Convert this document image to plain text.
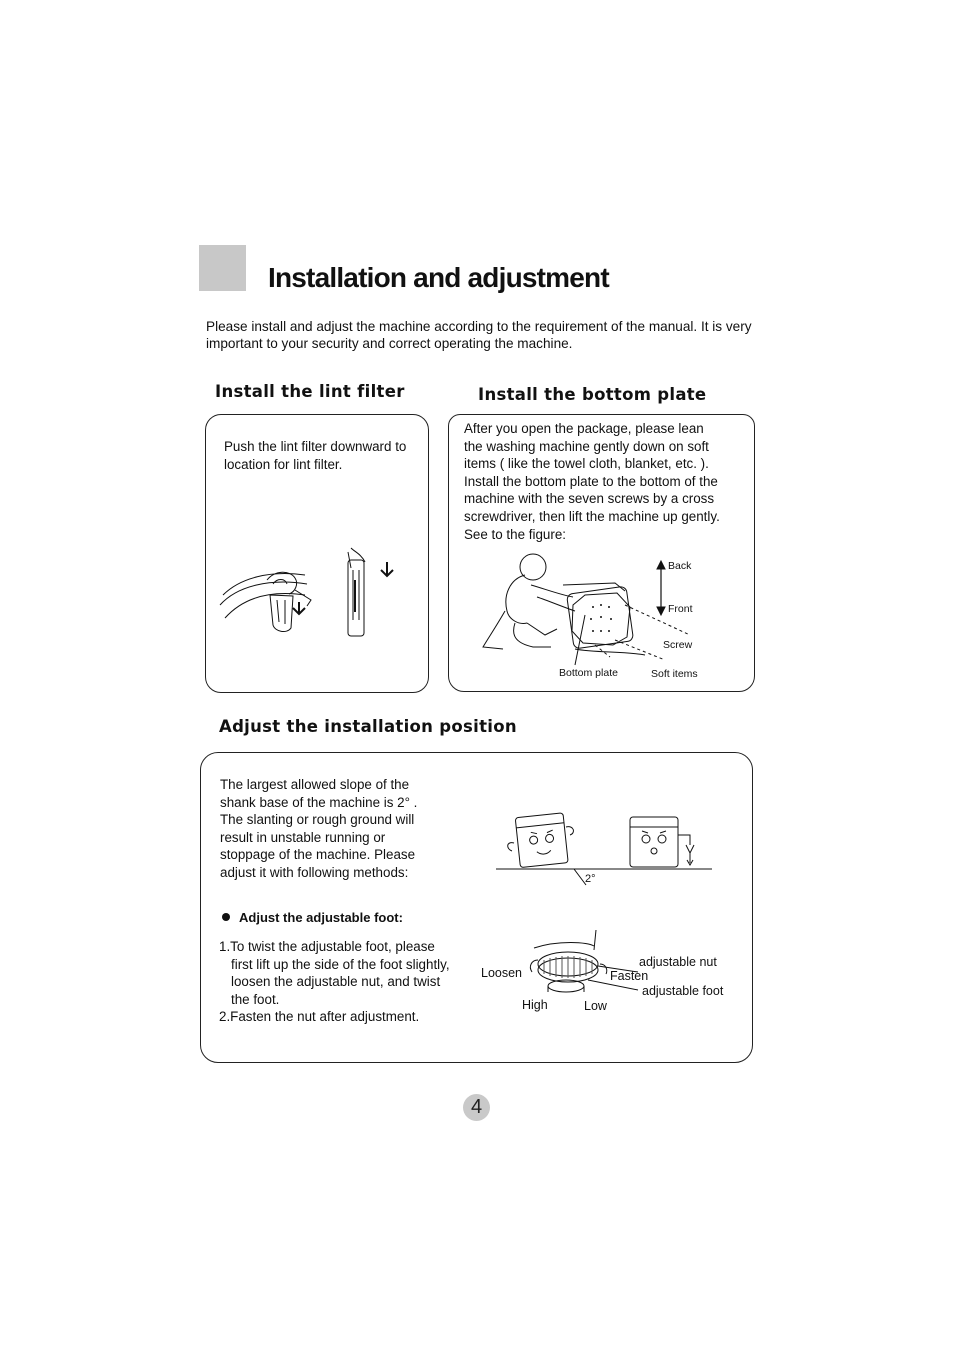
Installation and adjustment
Please install and adjust the machine according to the requirement of the manual. It is very important to your security and correct operating the machine.
Install the lint filter	Install the bottom plate
Push the lint filter downward to location for lint filter.
After you open the package, please lean
the washing machine gently down on soft
items ( like the towel cloth, blanket, etc. ).
Install the bottom plate to the bottom of the
machine with the seven screws by a cross
screwdriver, then lift the machine up gently.
See to the figure:
Back
Front
Screw
Bottom plate	Soft items
Adjust the installation position
The largest allowed slope of the
shank base of the machine is 2° .
The slanting or rough ground will
result in unstable running or
stoppage of the machine. Please
adjust it with following methods:
Adjust the adjustable foot:
1.To twist the adjustable foot, please
first lift up the side of the foot slightly,
loosen the adjustable nut, and twist
the foot.
2.Fasten the nut after adjustment.
2°
Loosen	Fasten
adjustable nut
adjustable foot
High	Low
4
